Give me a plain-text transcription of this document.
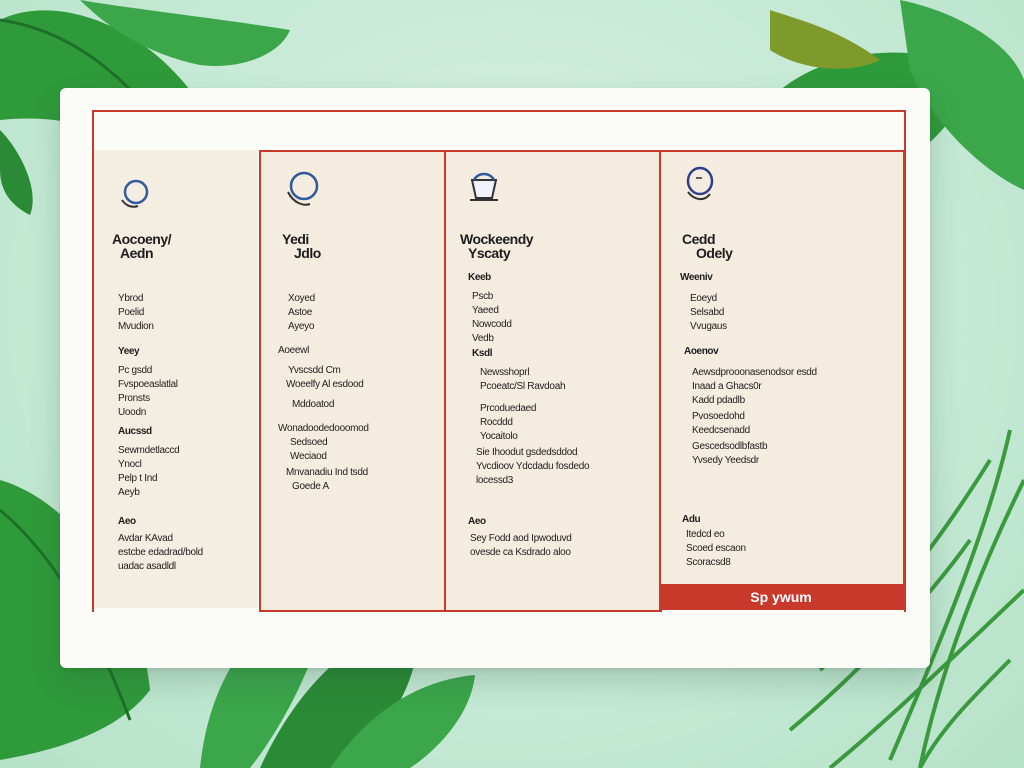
Aocoeny/
Aedn
Ybrod
Poelid
Mvudion
Yeey
Pc gsdd
Fvspoeaslatlal
Pronsts
Uoodn
Aucssd
Sewmdetlaccd
Ynocl
Pelp t Ind
Aeyb
Aeo
Avdar KAvad
estcbe edadrad/bold
uadac asadldl
Yedi
Jdlo
Xoyed
Astoe
Ayeyo
Aoeewl
Yvscsdd Cm
Woeelfy Al esdood
Mddoatod
Wonadoodedooomod
Sedsoed
Weciaod
Mnvanadiu Ind tsdd
Goede A
Wockeendy
Yscaty
Keeb
Pscb
Yaeed
Nowcodd
Vedb
Ksdl
Newsshoprl
Pcoeatc/Sl Ravdoah
Prcoduedaed
Rocddd
Yocaitolo
Sie Ihoodut gsdedsddod
Yvcdioov Ydcdadu fosdedo
locessd3
Aeo
Sey Fodd aod Ipwoduvd
ovesde ca Ksdrado aloo
Cedd
Odely
Weeniv
Eoeyd
Selsabd
Vvugaus
Aoenov
Aewsdprooonasenodsor esdd
Inaad a Ghacs0r
Kadd pdadlb
Pvosoedohd
Keedcsenadd
Gescedsodlbfastb
Yvsedy Yeedsdr
Adu
Itedcd eo
Scoed escaon
Scoracsd8
Sp ywum
